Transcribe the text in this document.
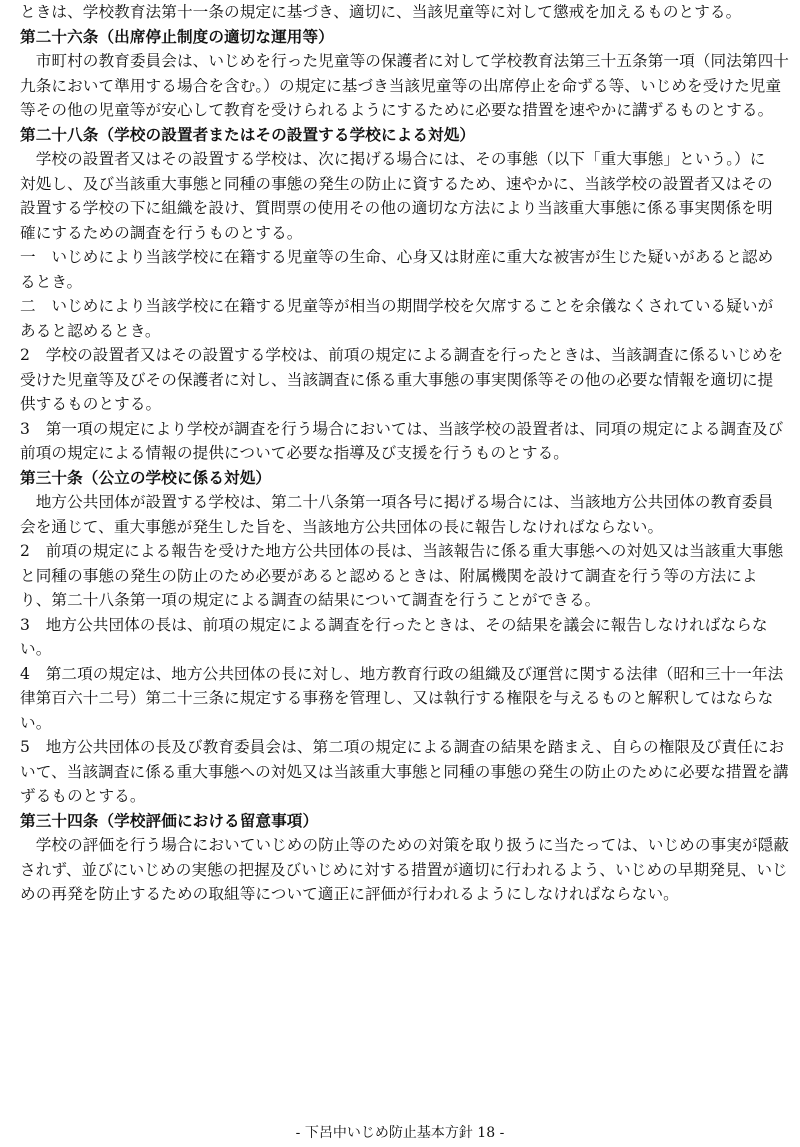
ときは、学校教育法第十一条の規定に基づき、適切に、当該児童等に対して懲戒を加えるものとする。

第二十六条（出席停止制度の適切な運用等）

　市町村の教育委員会は、いじめを行った児童等の保護者に対して学校教育法第三十五条第一項（同法第四十

九条において準用する場合を含む。）の規定に基づき当該児童等の出席停止を命ずる等、いじめを受けた児童

等その他の児童等が安心して教育を受けられるようにするために必要な措置を速やかに講ずるものとする。

第二十八条（学校の設置者またはその設置する学校による対処）

　学校の設置者又はその設置する学校は、次に掲げる場合には、その事態（以下「重大事態」という。）に

対処し、及び当該重大事態と同種の事態の発生の防止に資するため、速やかに、当該学校の設置者又はその

設置する学校の下に組織を設け、質問票の使用その他の適切な方法により当該重大事態に係る事実関係を明

確にするための調査を行うものとする。

一　いじめにより当該学校に在籍する児童等の生命、心身又は財産に重大な被害が生じた疑いがあると認め

るとき。

二　いじめにより当該学校に在籍する児童等が相当の期間学校を欠席することを余儀なくされている疑いが

あると認めるとき。

2　学校の設置者又はその設置する学校は、前項の規定による調査を行ったときは、当該調査に係るいじめを

受けた児童等及びその保護者に対し、当該調査に係る重大事態の事実関係等その他の必要な情報を適切に提

供するものとする。

3　第一項の規定により学校が調査を行う場合においては、当該学校の設置者は、同項の規定による調査及び

前項の規定による情報の提供について必要な指導及び支援を行うものとする。

第三十条（公立の学校に係る対処）

　地方公共団体が設置する学校は、第二十八条第一項各号に掲げる場合には、当該地方公共団体の教育委員

会を通じて、重大事態が発生した旨を、当該地方公共団体の長に報告しなければならない。

2　前項の規定による報告を受けた地方公共団体の長は、当該報告に係る重大事態への対処又は当該重大事態

と同種の事態の発生の防止のため必要があると認めるときは、附属機関を設けて調査を行う等の方法によ

り、第二十八条第一項の規定による調査の結果について調査を行うことができる。

3　地方公共団体の長は、前項の規定による調査を行ったときは、その結果を議会に報告しなければならな

い。

4　第二項の規定は、地方公共団体の長に対し、地方教育行政の組織及び運営に関する法律（昭和三十一年法

律第百六十二号）第二十三条に規定する事務を管理し、又は執行する権限を与えるものと解釈してはならな

い。

5　地方公共団体の長及び教育委員会は、第二項の規定による調査の結果を踏まえ、自らの権限及び責任にお

いて、当該調査に係る重大事態への対処又は当該重大事態と同種の事態の発生の防止のために必要な措置を講

ずるものとする。

第三十四条（学校評価における留意事項）

　学校の評価を行う場合においていじめの防止等のための対策を取り扱うに当たっては、いじめの事実が隠蔽

されず、並びにいじめの実態の把握及びいじめに対する措置が適切に行われるよう、いじめの早期発見、いじ

めの再発を防止するための取組等について適正に評価が行われるようにしなければならない。

- 下呂中いじめ防止基本方針 18 -
